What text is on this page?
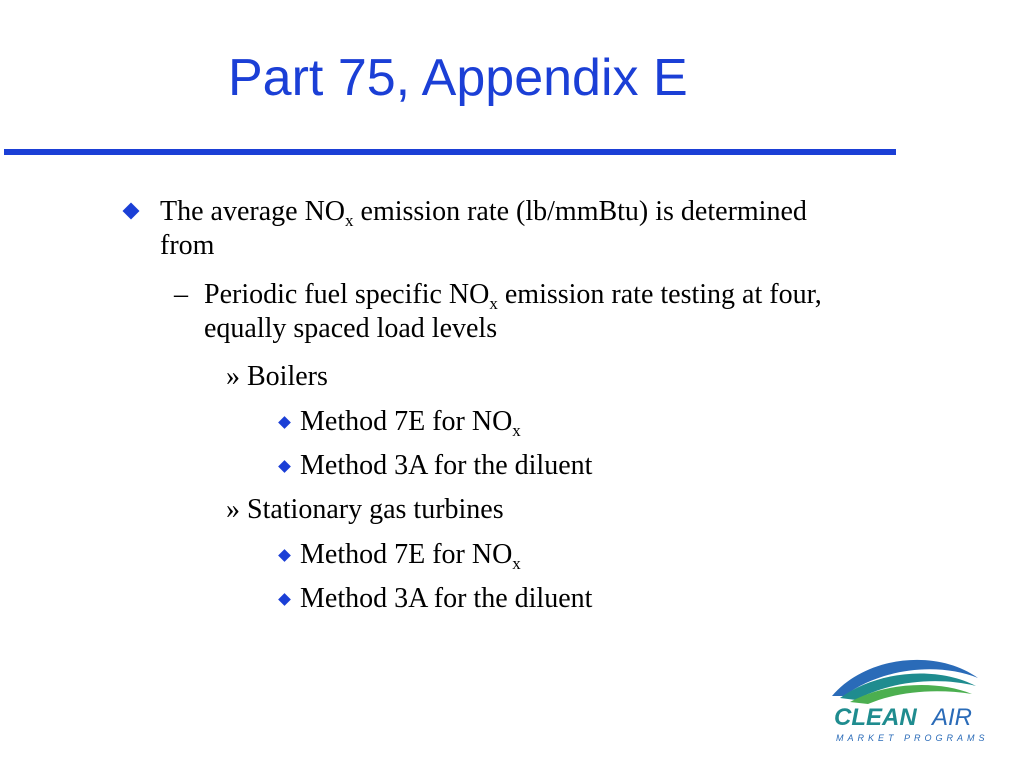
Part 75, Appendix E
The average $NO_x$ emission rate (lb/mmBtu) is determined
from
– Periodic fuel specific $NO_x$ emission rate testing at four,
equally spaced load levels
» Boilers
Method 7E for $NO_x$
Method 3A for the diluent
» Stationary gas turbines
Method 7E for $NO_x$
Method 3A for the diluent
CLEAN AIR
MARKET PROGRAMS
